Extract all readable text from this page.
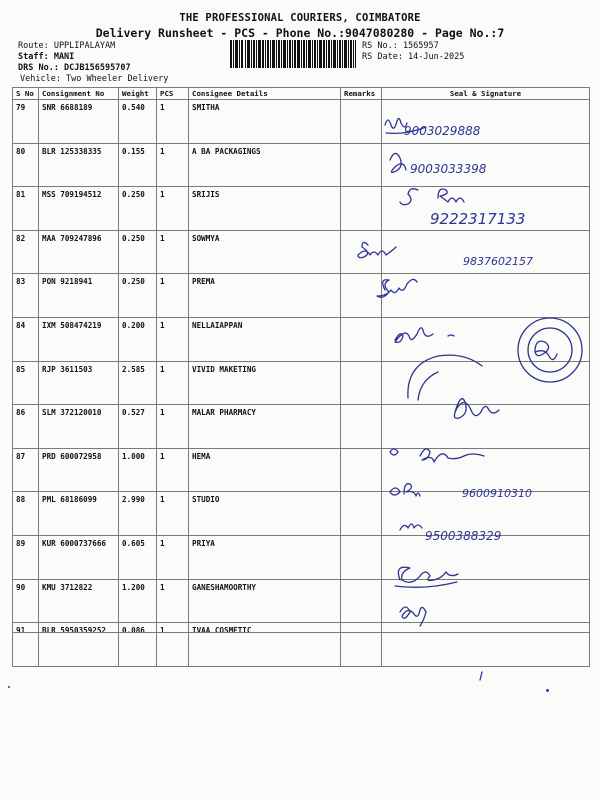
THE PROFESSIONAL COURIERS, COIMBATORE
Delivery Runsheet - PCS - Phone No.:9047080280 - Page No.:7
Route: UPPLIPALAYAM
Staff: MANI
DRS No.: DCJB156595707
Vehicle: Two Wheeler Delivery
RS No.: 1565957
RS Date: 14-Jun-2025
S No	Consignment No	Weight	PCS	Consignee Details	Remarks	Seal & Signature
79	SNR 6688189	0.540	1	SMITHA		
80	BLR 125338335	0.155	1	A BA PACKAGINGS		
81	MSS 709194512	0.250	1	SRIJIS		
82	MAA 709247896	0.250	1	SOWMYA		
83	PON 9218941	0.250	1	PREMA		
84	IXM 508474219	0.200	1	NELLAIAPPAN		
85	RJP 3611503	2.585	1	VIVID MAKETING		
86	SLM 372120010	0.527	1	MALAR PHARMACY		
87	PRD 600072958	1.000	1	HEMA		
88	PML 68186099	2.990	1	STUDIO		
89	KUR 6000737666	0.605	1	PRIYA		
90	KMU 3712822	1.200	1	GANESHAMOORTHY		
91	BLR 5950359252	0.086	1	IVAA COSMETIC		
9003029888
9003033398
9222317133
9837602157
9600910310
9500388329
